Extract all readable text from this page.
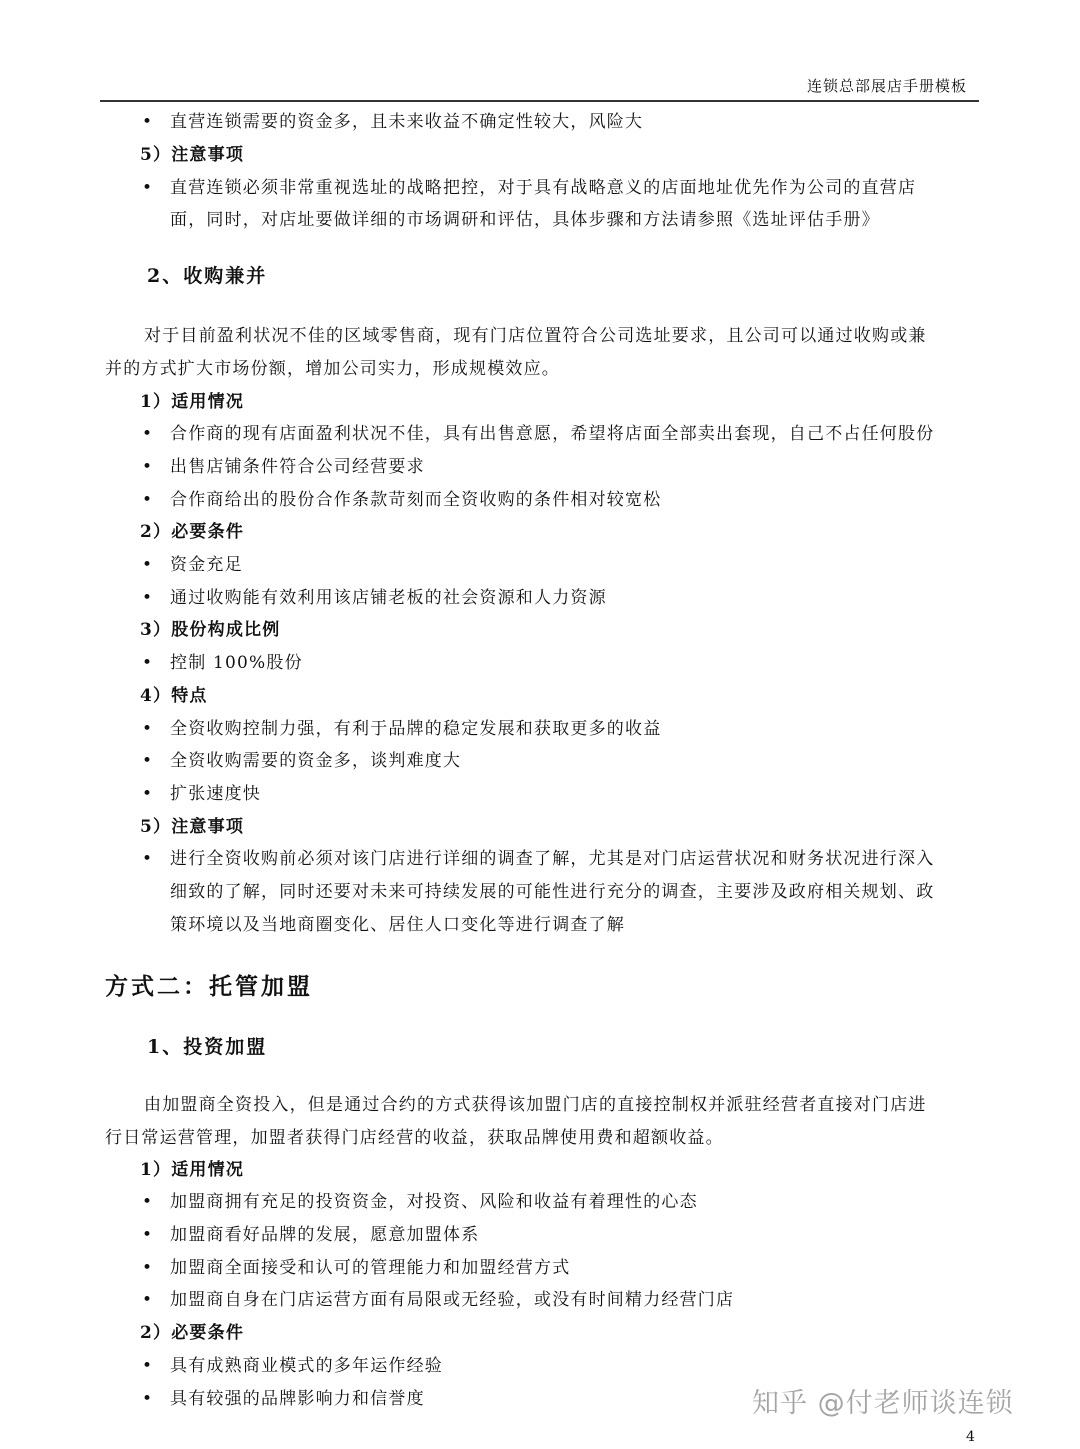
连锁总部展店手册模板
•
•
•
•
•
•
•
•
•
•
•
•
•
•
•
•
•
•
直营连锁需要的资金多，且未来收益不确定性较大，风险大
5）注意事项
直营连锁必须非常重视选址的战略把控，对于具有战略意义的店面地址优先作为公司的直营店
面，同时，对店址要做详细的市场调研和评估，具体步骤和方法请参照《选址评估手册》
2、收购兼并
对于目前盈利状况不佳的区域零售商，现有门店位置符合公司选址要求，且公司可以通过收购或兼
并的方式扩大市场份额，增加公司实力，形成规模效应。
1）适用情况
合作商的现有店面盈利状况不佳，具有出售意愿，希望将店面全部卖出套现，自己不占任何股份
出售店铺条件符合公司经营要求
合作商给出的股份合作条款苛刻而全资收购的条件相对较宽松
2）必要条件
资金充足
通过收购能有效利用该店铺老板的社会资源和人力资源
3）股份构成比例
控制 100%股份
4）特点
全资收购控制力强，有利于品牌的稳定发展和获取更多的收益
全资收购需要的资金多，谈判难度大
扩张速度快
5）注意事项
进行全资收购前必须对该门店进行详细的调查了解，尤其是对门店运营状况和财务状况进行深入
细致的了解，同时还要对未来可持续发展的可能性进行充分的调查，主要涉及政府相关规划、政
策环境以及当地商圈变化、居住人口变化等进行调查了解
方式二：托管加盟
1、投资加盟
由加盟商全资投入，但是通过合约的方式获得该加盟门店的直接控制权并派驻经营者直接对门店进
行日常运营管理，加盟者获得门店经营的收益，获取品牌使用费和超额收益。
1）适用情况
加盟商拥有充足的投资资金，对投资、风险和收益有着理性的心态
加盟商看好品牌的发展，愿意加盟体系
加盟商全面接受和认可的管理能力和加盟经营方式
加盟商自身在门店运营方面有局限或无经验，或没有时间精力经营门店
2）必要条件
具有成熟商业模式的多年运作经验
具有较强的品牌影响力和信誉度	知乎 @付老师谈连锁
4
